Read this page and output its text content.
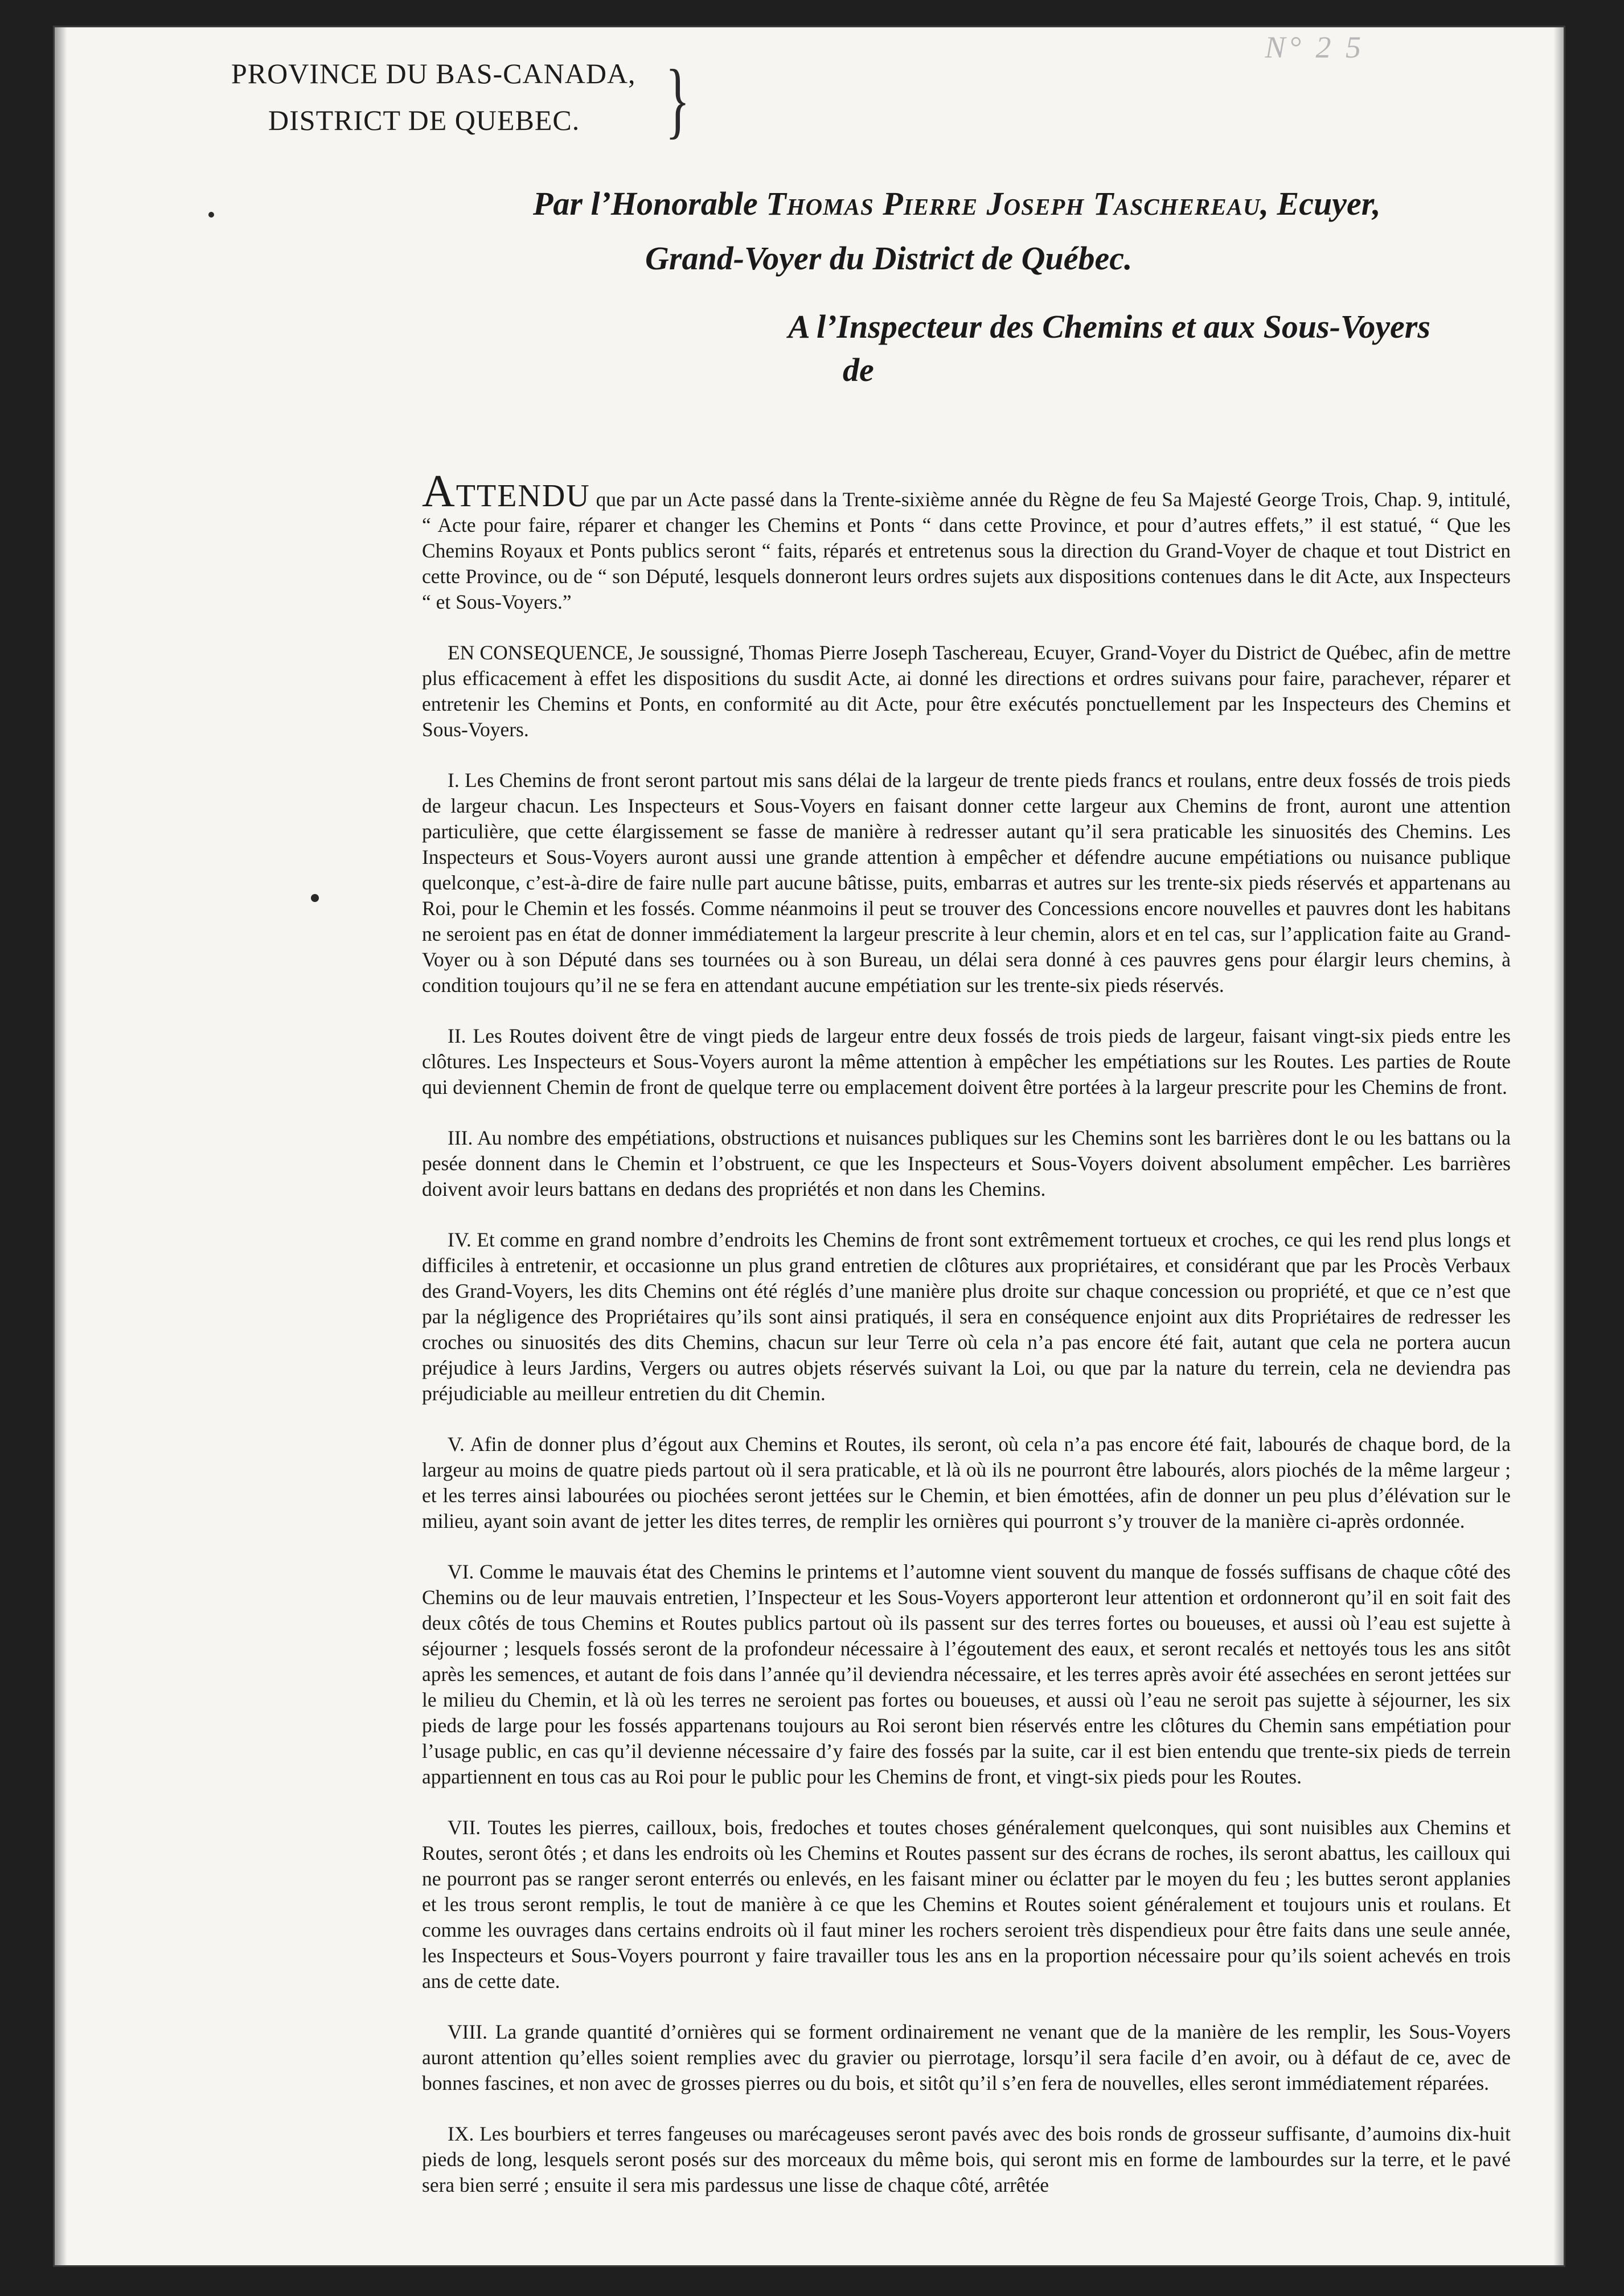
N° 2 5
PROVINCE DU BAS-CANADA,
DISTRICT DE QUEBEC.	}
Par l’Honorable Thomas Pierre Joseph Taschereau, Ecuyer,
Grand-Voyer du District de Québec.
A l’Inspecteur des Chemins et aux Sous-Voyers
de

Attendu que par un Acte passé dans la Trente-sixième année du Règne de feu Sa Majesté George Trois, Chap. 9, intitulé, “ Acte pour faire, réparer et changer les Chemins et Ponts “ dans cette Province, et pour d’autres effets,” il est statué, “ Que les Chemins Royaux et Ponts publics seront “ faits, réparés et entretenus sous la direction du Grand-Voyer de chaque et tout District en cette Province, ou de “ son Député, lesquels donneront leurs ordres sujets aux dispositions contenues dans le dit Acte, aux Inspecteurs “ et Sous-Voyers.”

EN CONSEQUENCE, Je soussigné, Thomas Pierre Joseph Taschereau, Ecuyer, Grand-Voyer du District de Québec, afin de mettre plus efficacement à effet les dispositions du susdit Acte, ai donné les directions et ordres suivans pour faire, parachever, réparer et entretenir les Chemins et Ponts, en conformité au dit Acte, pour être exécutés ponctuellement par les Inspecteurs des Chemins et Sous-Voyers.

I. Les Chemins de front seront partout mis sans délai de la largeur de trente pieds francs et roulans, entre deux fossés de trois pieds de largeur chacun. Les Inspecteurs et Sous-Voyers en faisant donner cette largeur aux Chemins de front, auront une attention particulière, que cette élargissement se fasse de manière à redresser autant qu’il sera praticable les sinuosités des Chemins. Les Inspecteurs et Sous-Voyers auront aussi une grande attention à empêcher et défendre aucune empétiations ou nuisance publique quelconque, c’est-à-dire de faire nulle part aucune bâtisse, puits, embarras et autres sur les trente-six pieds réservés et appartenans au Roi, pour le Chemin et les fossés. Comme néanmoins il peut se trouver des Concessions encore nouvelles et pauvres dont les habitans ne seroient pas en état de donner immédiatement la largeur prescrite à leur chemin, alors et en tel cas, sur l’application faite au Grand-Voyer ou à son Député dans ses tournées ou à son Bureau, un délai sera donné à ces pauvres gens pour élargir leurs chemins, à condition toujours qu’il ne se fera en attendant aucune empétiation sur les trente-six pieds réservés.

II. Les Routes doivent être de vingt pieds de largeur entre deux fossés de trois pieds de largeur, faisant vingt-six pieds entre les clôtures. Les Inspecteurs et Sous-Voyers auront la même attention à empêcher les empétiations sur les Routes. Les parties de Route qui deviennent Chemin de front de quelque terre ou emplacement doivent être portées à la largeur prescrite pour les Chemins de front.

III. Au nombre des empétiations, obstructions et nuisances publiques sur les Chemins sont les barrières dont le ou les battans ou la pesée donnent dans le Chemin et l’obstruent, ce que les Inspecteurs et Sous-Voyers doivent absolument empêcher. Les barrières doivent avoir leurs battans en dedans des propriétés et non dans les Chemins.

IV. Et comme en grand nombre d’endroits les Chemins de front sont extrêmement tortueux et croches, ce qui les rend plus longs et difficiles à entretenir, et occasionne un plus grand entretien de clôtures aux propriétaires, et considérant que par les Procès Verbaux des Grand-Voyers, les dits Chemins ont été réglés d’une manière plus droite sur chaque concession ou propriété, et que ce n’est que par la négligence des Propriétaires qu’ils sont ainsi pratiqués, il sera en conséquence enjoint aux dits Propriétaires de redresser les croches ou sinuosités des dits Chemins, chacun sur leur Terre où cela n’a pas encore été fait, autant que cela ne portera aucun préjudice à leurs Jardins, Vergers ou autres objets réservés suivant la Loi, ou que par la nature du terrein, cela ne deviendra pas préjudiciable au meilleur entretien du dit Chemin.

V. Afin de donner plus d’égout aux Chemins et Routes, ils seront, où cela n’a pas encore été fait, labourés de chaque bord, de la largeur au moins de quatre pieds partout où il sera praticable, et là où ils ne pourront être labourés, alors piochés de la même largeur ; et les terres ainsi labourées ou piochées seront jettées sur le Chemin, et bien émottées, afin de donner un peu plus d’élévation sur le milieu, ayant soin avant de jetter les dites terres, de remplir les ornières qui pourront s’y trouver de la manière ci-après ordonnée.

VI. Comme le mauvais état des Chemins le printems et l’automne vient souvent du manque de fossés suffisans de chaque côté des Chemins ou de leur mauvais entretien, l’Inspecteur et les Sous-Voyers apporteront leur attention et ordonneront qu’il en soit fait des deux côtés de tous Chemins et Routes publics partout où ils passent sur des terres fortes ou boueuses, et aussi où l’eau est sujette à séjourner ; lesquels fossés seront de la profondeur nécessaire à l’égoutement des eaux, et seront recalés et nettoyés tous les ans sitôt après les semences, et autant de fois dans l’année qu’il deviendra nécessaire, et les terres après avoir été assechées en seront jettées sur le milieu du Chemin, et là où les terres ne seroient pas fortes ou boueuses, et aussi où l’eau ne seroit pas sujette à séjourner, les six pieds de large pour les fossés appartenans toujours au Roi seront bien réservés entre les clôtures du Chemin sans empétiation pour l’usage public, en cas qu’il devienne nécessaire d’y faire des fossés par la suite, car il est bien entendu que trente-six pieds de terrein appartiennent en tous cas au Roi pour le public pour les Chemins de front, et vingt-six pieds pour les Routes.

VII. Toutes les pierres, cailloux, bois, fredoches et toutes choses généralement quelconques, qui sont nuisibles aux Chemins et Routes, seront ôtés ; et dans les endroits où les Chemins et Routes passent sur des écrans de roches, ils seront abattus, les cailloux qui ne pourront pas se ranger seront enterrés ou enlevés, en les faisant miner ou éclatter par le moyen du feu ; les buttes seront applanies et les trous seront remplis, le tout de manière à ce que les Chemins et Routes soient généralement et toujours unis et roulans. Et comme les ouvrages dans certains endroits où il faut miner les rochers seroient très dispendieux pour être faits dans une seule année, les Inspecteurs et Sous-Voyers pourront y faire travailler tous les ans en la proportion nécessaire pour qu’ils soient achevés en trois ans de cette date.

VIII. La grande quantité d’ornières qui se forment ordinairement ne venant que de la manière de les remplir, les Sous-Voyers auront attention qu’elles soient remplies avec du gravier ou pierrotage, lorsqu’il sera facile d’en avoir, ou à défaut de ce, avec de bonnes fascines, et non avec de grosses pierres ou du bois, et sitôt qu’il s’en fera de nouvelles, elles seront immédiatement réparées.

IX. Les bourbiers et terres fangeuses ou marécageuses seront pavés avec des bois ronds de grosseur suffisante, d’aumoins dix-huit pieds de long, lesquels seront posés sur des morceaux du même bois, qui seront mis en forme de lambourdes sur la terre, et le pavé sera bien serré ; ensuite il sera mis pardessus une lisse de chaque côté, arrêtée
